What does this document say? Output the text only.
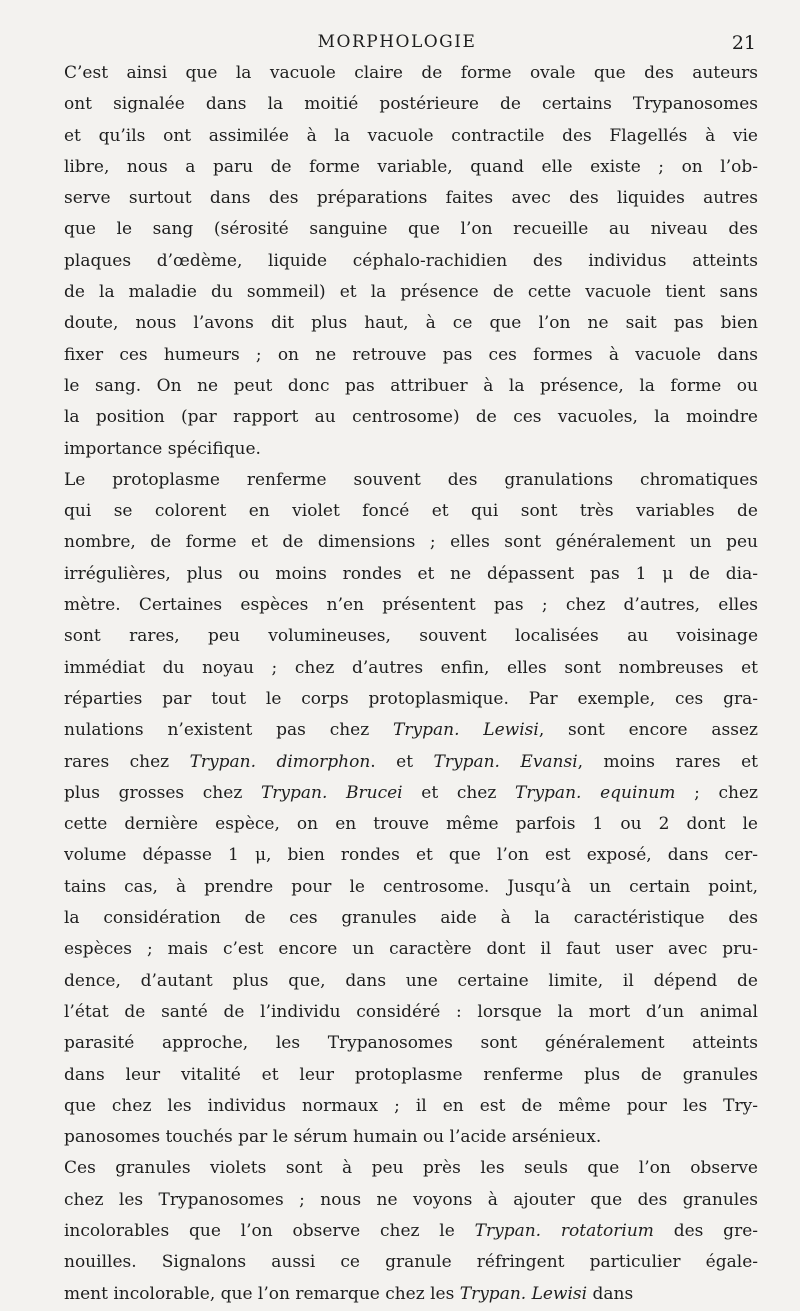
MORPHOLOGIE	21

C’est ainsi que la vacuole claire de forme ovale que des auteurs
ont signalée dans la moitié postérieure de certains Trypanosomes
et qu’ils ont assimilée à la vacuole contractile des Flagellés à vie
libre, nous a paru de forme variable, quand elle existe ; on l’ob-
serve surtout dans des préparations faites avec des liquides autres
que le sang (sérosité sanguine que l’on recueille au niveau des
plaques d’œdème, liquide céphalo-rachidien des individus atteints
de la maladie du sommeil) et la présence de cette vacuole tient sans
doute, nous l’avons dit plus haut, à ce que l’on ne sait pas bien
fixer ces humeurs ; on ne retrouve pas ces formes à vacuole dans
le sang. On ne peut donc pas attribuer à la présence, la forme ou
la position (par rapport au centrosome) de ces vacuoles, la moindre
importance spécifique.

Le protoplasme renferme souvent des granulations chromatiques
qui se colorent en violet foncé et qui sont très variables de
nombre, de forme et de dimensions ; elles sont généralement un peu
irrégulières, plus ou moins rondes et ne dépassent pas 1 μ de dia-
mètre. Certaines espèces n’en présentent pas ; chez d’autres, elles
sont rares, peu volumineuses, souvent localisées au voisinage
immédiat du noyau ; chez d’autres enfin, elles sont nombreuses et
réparties par tout le corps protoplasmique. Par exemple, ces gra-
nulations n’existent pas chez Trypan. Lewisi, sont encore assez
rares chez Trypan. dimorphon. et Trypan. Evansi, moins rares et
plus grosses chez Trypan. Brucei et chez Trypan. equinum ; chez
cette dernière espèce, on en trouve même parfois 1 ou 2 dont le
volume dépasse 1 μ, bien rondes et que l’on est exposé, dans cer-
tains cas, à prendre pour le centrosome. Jusqu’à un certain point,
la considération de ces granules aide à la caractéristique des
espèces ; mais c’est encore un caractère dont il faut user avec pru-
dence, d’autant plus que, dans une certaine limite, il dépend de
l’état de santé de l’individu considéré : lorsque la mort d’un animal
parasité approche, les Trypanosomes sont généralement atteints
dans leur vitalité et leur protoplasme renferme plus de granules
que chez les individus normaux ; il en est de même pour les Try-
panosomes touchés par le sérum humain ou l’acide arsénieux.

Ces granules violets sont à peu près les seuls que l’on observe
chez les Trypanosomes ; nous ne voyons à ajouter que des granules
incolorables que l’on observe chez le Trypan. rotatorium des gre-
nouilles. Signalons aussi ce granule réfringent particulier égale-
ment incolorable, que l’on remarque chez les Trypan. Lewisi dans
